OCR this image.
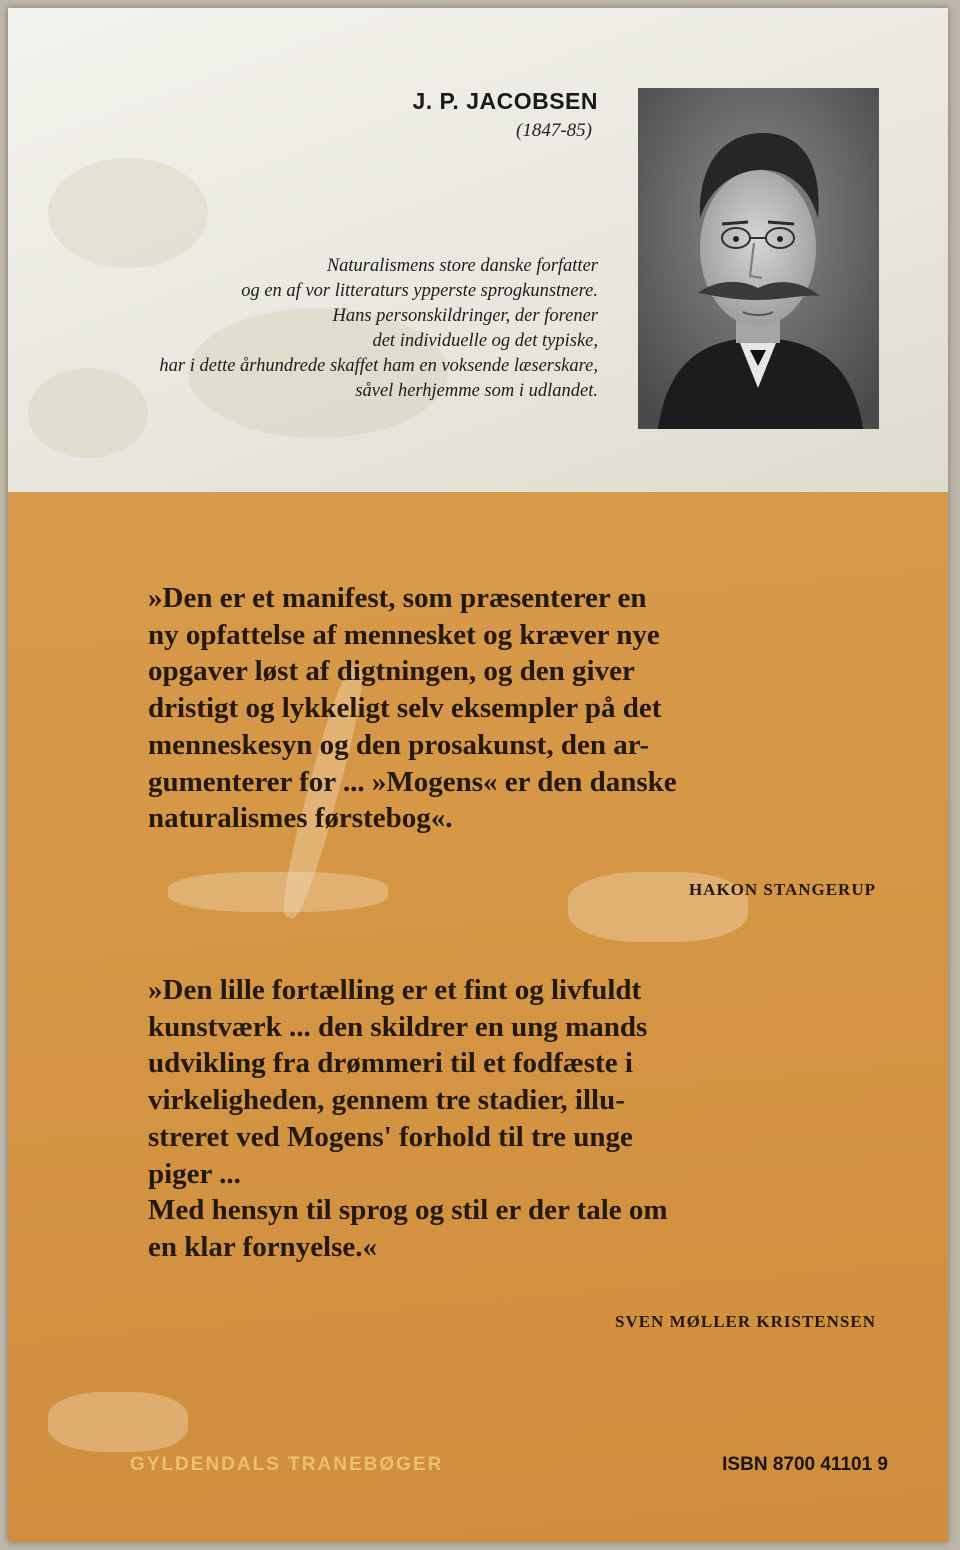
J. P. JACOBSEN
(1847-85)
Naturalismens store danske forfatter
og en af vor litteraturs ypperste sprogkunstnere.
Hans personskildringer, der forener
det individuelle og det typiske,
har i dette århundrede skaffet ham en voksende læserskare,
såvel herhjemme som i udlandet.
»Den er et manifest, som præsenterer en
ny opfattelse af mennesket og kræver nye
opgaver løst af digtningen, og den giver
dristigt og lykkeligt selv eksempler på det
menneskesyn og den prosakunst, den ar-
gumenterer for ... »Mogens« er den danske
naturalismes førstebog«.
HAKON STANGERUP
»Den lille fortælling er et fint og livfuldt
kunstværk ... den skildrer en ung mands
udvikling fra drømmeri til et fodfæste i
virkeligheden, gennem tre stadier, illu-
streret ved Mogens' forhold til tre unge
piger ...
Med hensyn til sprog og stil er der tale om
en klar fornyelse.«
SVEN MØLLER KRISTENSEN
GYLDENDALS TRANEBØGER	ISBN 8700 41101 9
